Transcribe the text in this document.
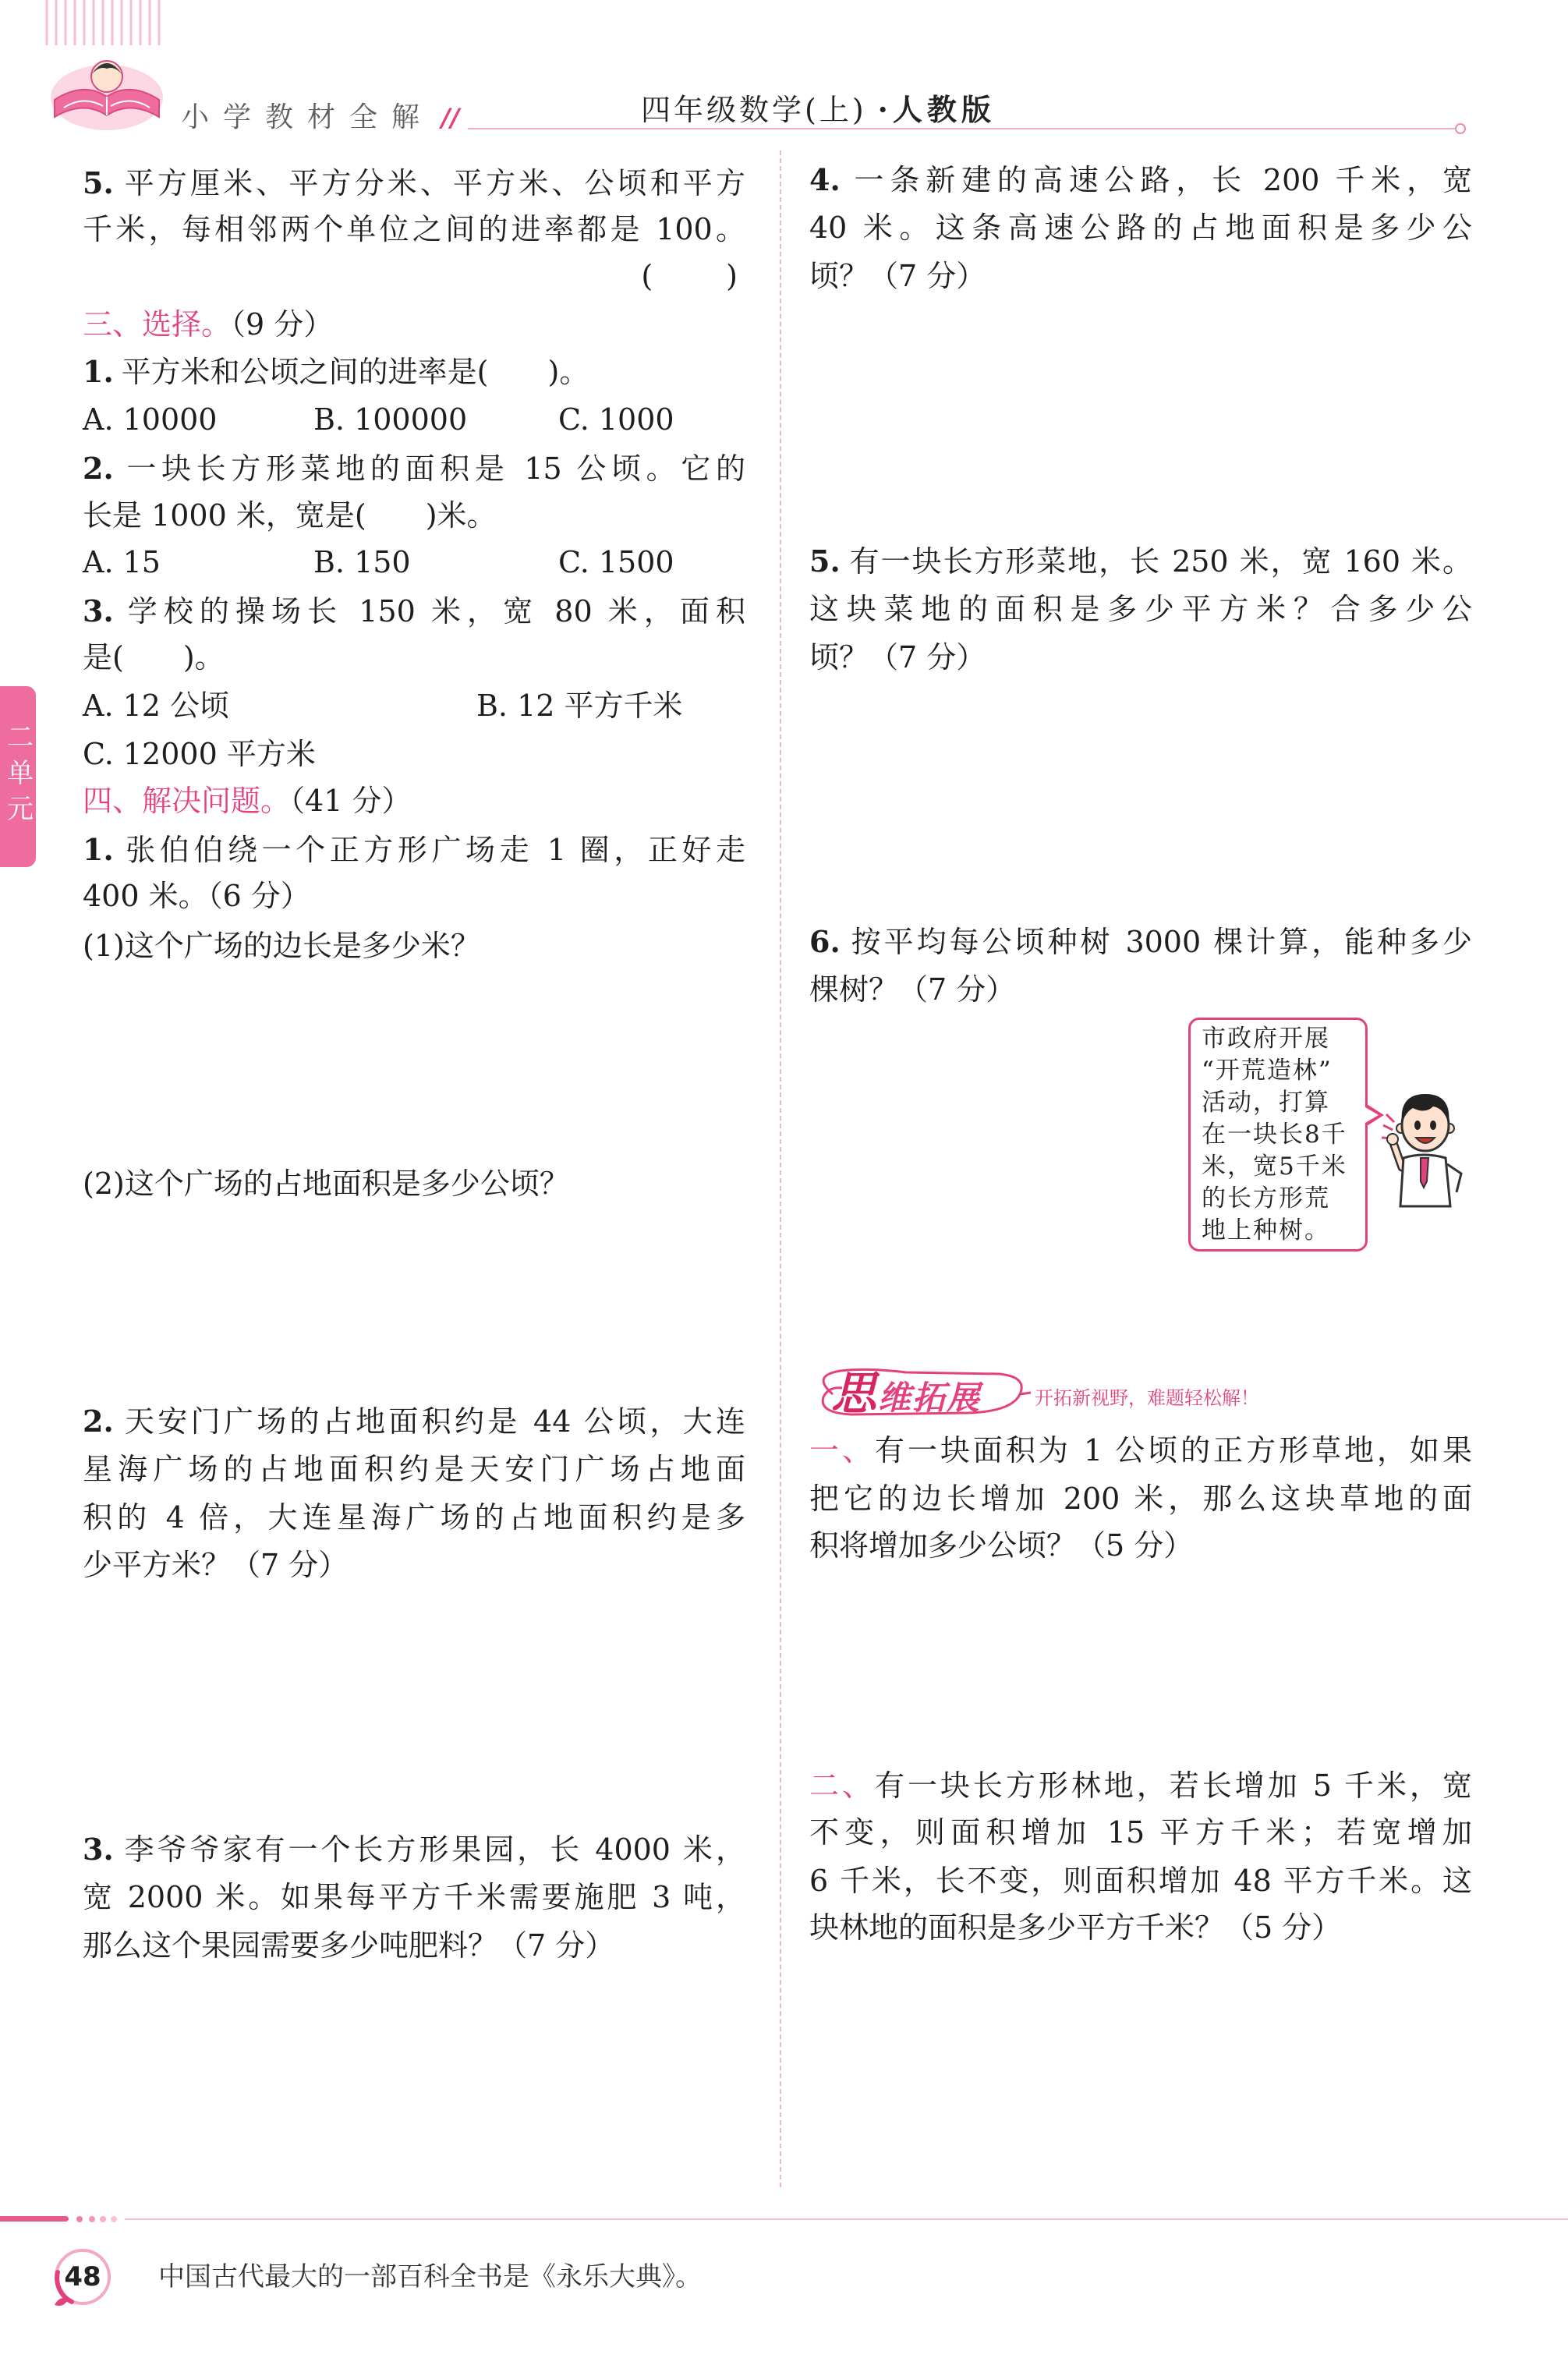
小学教材全解 //	四年级数学(上) ·人教版
二单元
5. 平方厘米、平方分米、平方米、公顷和平方
千米，每相邻两个单位之间的进率都是 100。
(　　)
三、选择。（9 分）
1. 平方米和公顷之间的进率是(　　)。
A. 10000	B. 100000	C. 1000
2. 一块长方形菜地的面积是 15 公顷。它的
长是 1000 米，宽是(　　)米。
A. 15	B. 150	C. 1500
3. 学校的操场长 150 米，宽 80 米，面积
是(　　)。
A. 12 公顷	B. 12 平方千米
C. 12000 平方米
四、解决问题。（41 分）
1. 张伯伯绕一个正方形广场走 1 圈，正好走
400 米。（6 分）
(1)这个广场的边长是多少米？
(2)这个广场的占地面积是多少公顷？
2. 天安门广场的占地面积约是 44 公顷，大连
星海广场的占地面积约是天安门广场占地面
积的 4 倍，大连星海广场的占地面积约是多
少平方米？（7 分）
3. 李爷爷家有一个长方形果园，长 4000 米，
宽 2000 米。如果每平方千米需要施肥 3 吨，
那么这个果园需要多少吨肥料？（7 分）
4. 一条新建的高速公路，长 200 千米，宽
40 米。这条高速公路的占地面积是多少公
顷？（7 分）
5. 有一块长方形菜地，长 250 米，宽 160 米。
这块菜地的面积是多少平方米？合多少公
顷？（7 分）
6. 按平均每公顷种树 3000 棵计算，能种多少
棵树？（7 分）
市政府开展
“开荒造林”
活动，打算
在一块长8千
米，宽5千米
的长方形荒
地上种树。
思维拓展	开拓新视野，难题轻松解！
一、有一块面积为 1 公顷的正方形草地，如果
把它的边长增加 200 米，那么这块草地的面
积将增加多少公顷？（5 分）
二、有一块长方形林地，若长增加 5 千米，宽
不变，则面积增加 15 平方千米；若宽增加
6 千米，长不变，则面积增加 48 平方千米。这
块林地的面积是多少平方千米？（5 分）
48	中国古代最大的一部百科全书是《永乐大典》。
